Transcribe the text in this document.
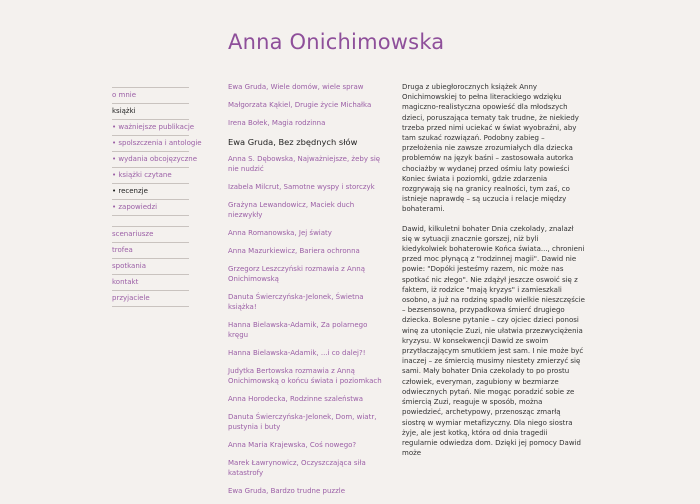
Anna Onichimowska
o mnie
książki
• ważniejsze publikacje
• spolszczenia i antologie
• wydania obcojęzyczne
• książki czytane
• recenzje
• zapowiedzi
scenariusze
trofea
spotkania
kontakt
przyjaciele
Ewa Gruda, Wiele domów, wiele spraw
Małgorzata Kąkiel, Drugie życie Michałka
Irena Bołek, Magia rodzinna
Ewa Gruda, Bez zbędnych słów
Anna S. Dębowska, Najważniejsze, żeby się nie nudzić
Izabela Milcrut, Samotne wyspy i storczyk
Grażyna Lewandowicz, Maciek duch niezwykły
Anna Romanowska, Jej światy
Anna Mazurkiewicz, Bariera ochronna
Grzegorz Leszczyński rozmawia z Anną Onichimowską
Danuta Świerczyńska-Jelonek, Świetna książka!
Hanna Bielawska-Adamik, Za polarnego kręgu
Hanna Bielawska-Adamik, ...i co dalej?!
Judytka Bertowska rozmawia z Anną Onichimowską o końcu świata i poziomkach
Anna Horodecka, Rodzinne szaleństwa
Danuta Świerczyńska-Jelonek, Dom, wiatr, pustynia i buty
Anna Maria Krajewska, Coś nowego?
Marek Ławrynowicz, Oczyszczająca siła katastrofy
Ewa Gruda, Bardzo trudne puzzle

Druga z ubiegłorocznych książek Anny Onichimowskiej to pełna literackiego wdzięku magiczno-realistyczna opowieść dla młodszych dzieci, poruszająca tematy tak trudne, że niekiedy trzeba przed nimi uciekać w świat wyobraźni, aby tam szukać rozwiązań. Podobny zabieg – przełożenia nie zawsze zrozumiałych dla dziecka problemów na język baśni – zastosowała autorka chociażby w wydanej przed ośmiu laty powieści Koniec świata i poziomki, gdzie zdarzenia rozgrywają się na granicy realności, tym zaś, co istnieje naprawdę – są uczucia i relacje między bohaterami.

Dawid, kilkuletni bohater Dnia czekolady, znalazł się w sytuacji znacznie gorszej, niż byli kiedykolwiek bohaterowie Końca świata..., chronieni przed moc płynącą z "rodzinnej magii". Dawid nie powie: "Dopóki jesteśmy razem, nic może nas spotkać nic złego". Nie zdążył jeszcze oswoić się z faktem, iż rodzice "mają kryzys" i zamieszkali osobno, a już na rodzinę spadło wielkie nieszczęście – bezsensowna, przypadkowa śmierć drugiego dziecka. Bolesne pytanie – czy ojciec dzieci ponosi winę za utonięcie Zuzi, nie ułatwia przezwyciężenia kryzysu. W konsekwencji Dawid ze swoim przytłaczającym smutkiem jest sam. I nie może być inaczej – ze śmiercią musimy niestety zmierzyć się sami. Mały bohater Dnia czekolady to po prostu człowiek, everyman, zagubiony w bezmiarze odwiecznych pytań. Nie mogąc poradzić sobie ze śmiercią Zuzi, reaguje w sposób, można powiedzieć, archetypowy, przenosząc zmarłą siostrę w wymiar metafizyczny. Dla niego siostra żyje, ale jest kotką, która od dnia tragedii regularnie odwiedza dom. Dzięki jej pomocy Dawid może
